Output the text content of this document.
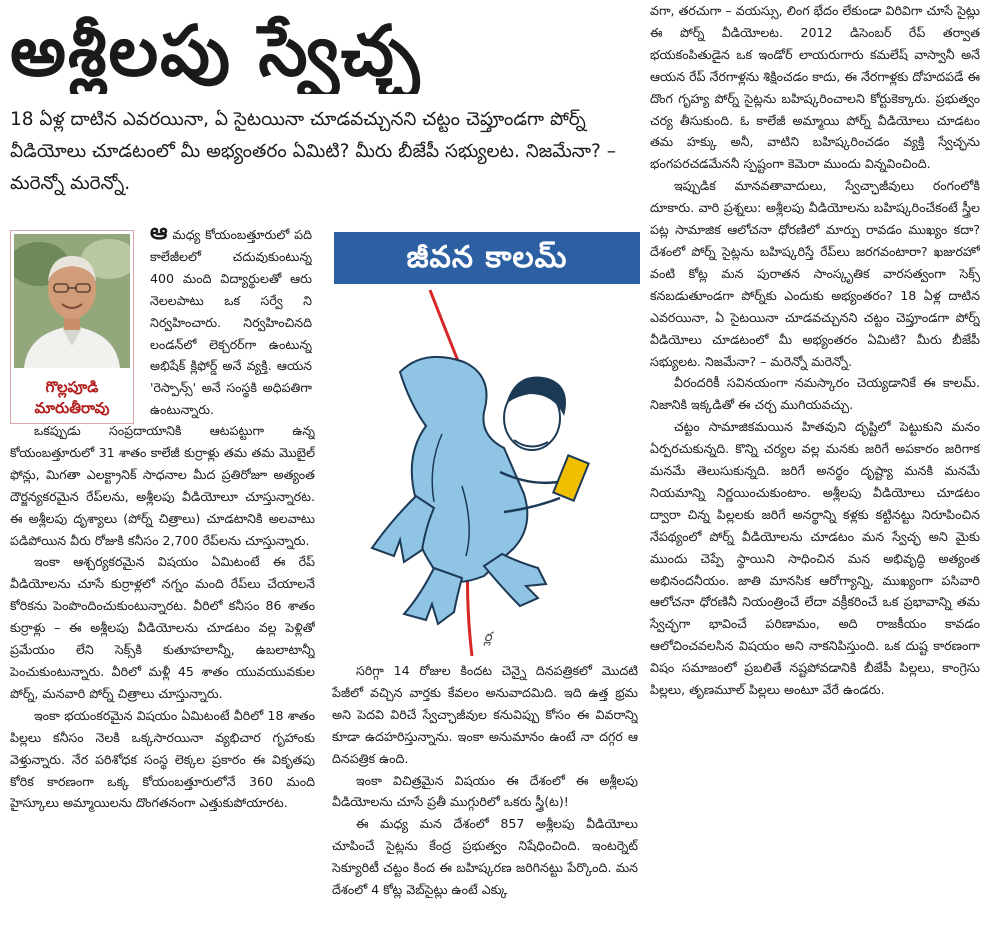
అశ్లీలపు స్వేచ్ఛ
18 ఏళ్ల దాటిన ఎవరయినా, ఏ సైటయినా చూడవచ్చునని చట్టం చెప్తూండగా పోర్న్ వీడియోలు చూడటంలో మీ అభ్యంతరం ఏమిటి? మీరు బీజేపీ సభ్యులట. నిజమేనా? – మరెన్నో మరెన్నో.
గొల్లపూడి
మారుతీరావు

ఆ మధ్య కోయంబత్తూరులో పది కాలేజీలలో చదువుకుంటున్న 400 మంది విద్యార్థులతో ఆరు నెలలపాటు ఒక సర్వే ని నిర్వహించారు. నిర్వహించినది లండన్‌లో లెక్చరర్‌గా ఉంటున్న అభిషేక్ క్లిఫోర్డ్ అనే వ్యక్తి. ఆయన 'రెస్పాన్స్' అనే సంస్థకి అధిపతిగా ఉంటున్నారు.

ఒకప్పుడు సంప్రదాయానికి ఆటపట్టుగా ఉన్న కోయంబత్తూరులో 31 శాతం కాలేజీ కుర్రాళ్లు తమ తమ మొబైల్ ఫోన్లు, మిగతా ఎలక్ట్రానిక్ సాధనాల మీద ప్రతిరోజూ అత్యంత దౌర్జన్యకరమైన రేప్‌లను, అశ్లీలపు వీడియోలూ చూస్తున్నారట. ఈ అశ్లీలపు దృశ్యాలు (పోర్న్ చిత్రాలు) చూడటానికి అలవాటు పడిపోయిన వీరు రోజుకి కనీసం 2,700 రేప్‌లను చూస్తున్నారు.

ఇంకా ఆశ్చర్యకరమైన విషయం ఏమిటంటే ఈ రేప్ వీడియోలను చూసే కుర్రాళ్లలో నగ్నం మంది రేప్‌లు చేయాలనే కోరికను పెంపొందించుకుంటున్నారట. వీరిలో కనీసం 86 శాతం కుర్రాళ్లు – ఈ అశ్లీలపు వీడియోలను చూడటం వల్ల పెళ్లితో ప్రమేయం లేని సెక్స్‌కి కుతూహలాన్నీ, ఉబలాటాన్నీ పెంచుకుంటున్నారు. వీరిలో మళ్లీ 45 శాతం యువయువకుల పోర్న్, మనవారి పోర్న్ చిత్రాలు చూస్తున్నారు.

ఇంకా భయంకరమైన విషయం ఏమిటంటే వీరిలో 18 శాతం పిల్లలు కనీసం నెలకి ఒక్కసారయినా వ్యభిచార గృహాంకు వెళ్తున్నారు. నేర పరిశోధక సంస్థ లెక్కల ప్రకారం ఈ వికృతపు కోరిక కారణంగా ఒక్క కోయంబత్తూరులోనే 360 మంది హైస్కూలు అమ్మాయిలను దొంగతనంగా ఎత్తుకుపోయారట.

జీవన కాలమ్
ర్ల

సరిగ్గా 14 రోజుల కిందట చెన్నై దినపత్రికలో మొదటి పేజీలో వచ్చిన వార్తకు కేవలం అనువాదమిది. ఇది ఉత్త భ్రమ అని పెదవి విరిచే స్వేచ్ఛాజీవుల కనువిప్పు కోసం ఈ వివరాన్ని కూడా ఉదహరిస్తున్నాను. ఇంకా అనుమానం ఉంటే నా దగ్గర ఆ దినపత్రిక ఉంది.

ఇంకా విచిత్రమైన విషయం ఈ దేశంలో ఈ అశ్లీలపు వీడియోలను చూసే ప్రతీ ముగ్గురిలో ఒకరు స్త్రీ(ట)!

ఈ మధ్య మన దేశంలో 857 అశ్లీలపు వీడియోలు చూపించే సైట్లను కేంద్ర ప్రభుత్వం నిషేధించింది. ఇంటర్నెట్ సెక్యూరిటీ చట్టం కింద ఈ బహిష్కరణ జరిగినట్టు పేర్కొంది. మన దేశంలో 4 కోట్ల వెబ్‌సైట్లు ఉంటే ఎక్కు

వగా, తరచుగా – వయస్సు, లింగ భేదం లేకుండా విరివిగా చూసే సైట్లు ఈ పోర్న్ వీడియోలట. 2012 డిసెంబర్ రేప్ తర్వాత భయకంపితుడైన ఒక ఇండోర్ లాయరుగారు కమలేష్ వాస్వానీ అనే ఆయన రేప్ నేరగాళ్లను శిక్షించడం కాదు, ఈ నేరగాళ్లకు దోహదపడే ఈ దొంగ గృహ్య పోర్న్ సైట్లను బహిష్కరించాలని కోర్టుకెక్కారు. ప్రభుత్వం చర్య తీసుకుంది. ఓ కాలేజీ అమ్మాయి పోర్న్ వీడియోలు చూడటం తమ హక్కు అనీ, వాటిని బహిష్కరించడం వ్యక్తి స్వేచ్ఛను భంగపరచడమేననీ స్పష్టంగా కెమెరా ముందు విన్నవించింది.

ఇప్పుడిక మానవతావాదులు, స్వేచ్ఛాజీవులు రంగంలోకి దూకారు. వారి ప్రశ్నలు: అశ్లీలపు వీడియోలను బహిష్కరించేకంటే స్త్రీల పట్ల సామాజిక ఆలోచనా ధోరణిలో మార్పు రావడం ముఖ్యం కదా? దేశంలో పోర్న్ సైట్లను బహిష్కరిస్తే రేప్‌లు జరగవంటారా? ఖజురహో వంటి కోట్ల మన పురాతన సాంస్కృతిక వారసత్వంగా సెక్స్ కనబడుతూండగా పోర్న్‌కు ఎందుకు అభ్యంతరం? 18 ఏళ్ల దాటిన ఎవరయినా, ఏ సైటయినా చూడవచ్చునని చట్టం చెప్తూండగా పోర్న్ వీడియోలు చూడటంలో మీ అభ్యంతరం ఏమిటి? మీరు బీజేపీ సభ్యులట. నిజమేనా? – మరెన్నో మరెన్నో.

వీరందరికీ సవినయంగా నమస్కారం చెయ్యడానికే ఈ కాలమ్. నిజానికి ఇక్కడితో ఈ చర్చ ముగియవచ్చు.

చట్టం సామాజికమయిన హితవుని దృష్టిలో పెట్టుకుని మనం ఏర్పరచుకున్నది. కొన్ని చర్యల వల్ల మనకు జరిగే అపకారం జరిగాక మనమే తెలుసుకున్నది. జరిగే అనర్థం దృష్ట్యా మనకి మనమే నియమాన్ని నిర్ణయించుకుంటాం. అశ్లీలపు వీడియోలు చూడటం ద్వారా చిన్న పిల్లలకు జరిగే అనర్థాన్ని కళ్లకు కట్టినట్టు నిరూపించిన నేపథ్యంలో పోర్న్ వీడియోలను చూడటం మన స్వేచ్ఛ అని మైకు ముందు చెప్పే స్థాయిని సాధించిన మన అభివృద్ధి అత్యంత అభినందనీయం. జాతి మానసిక ఆరోగ్యాన్ని, ముఖ్యంగా పసివారి ఆలోచనా ధోరణినీ నియంత్రించే లేదా వక్రీకరించే ఒక ప్రభావాన్ని తమ స్వేచ్ఛగా భావించే పరిణామం, అది రాజకీయం కావడం ఆలోచించవలసిన విషయం అని నాకనిపిస్తుంది. ఒక దుష్ట కారణంగా విషం సమాజంలో ప్రబలితే నష్టపోవడానికి బీజేపీ పిల్లలు, కాంగ్రెసు పిల్లలు, తృణమూల్ పిల్లలు అంటూ వేరే ఉండరు.
